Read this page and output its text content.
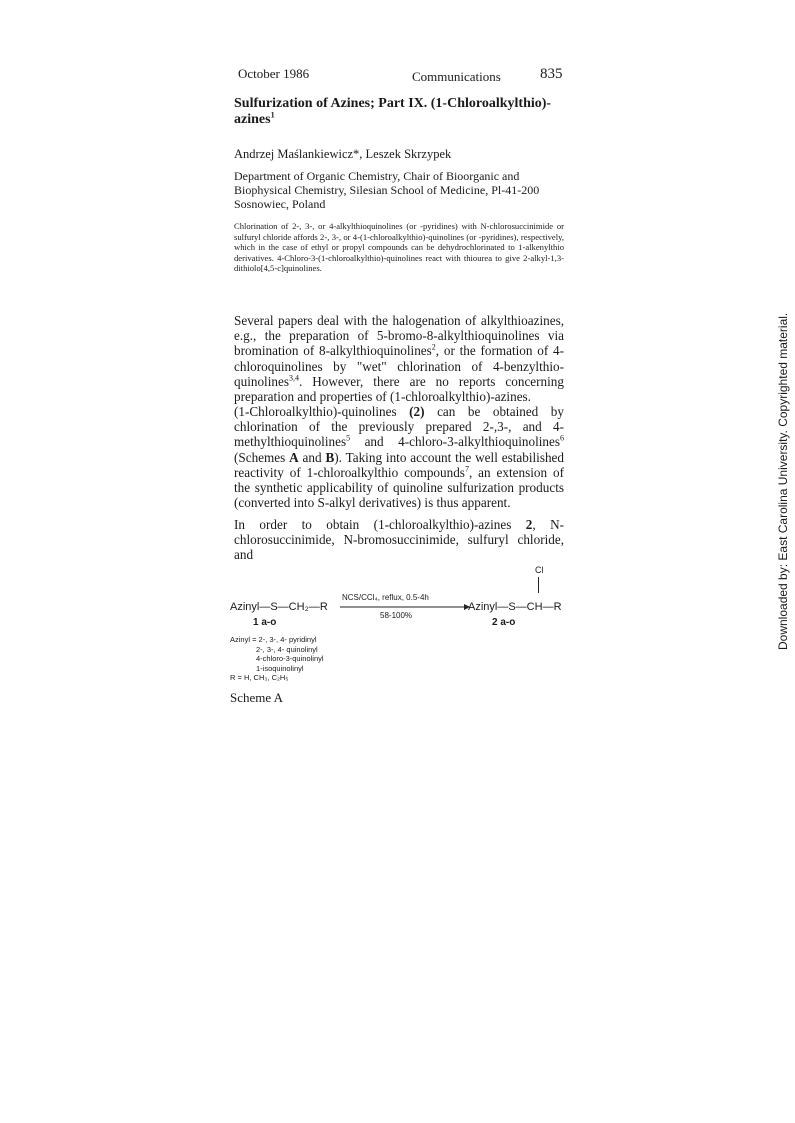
October 1986	Communications	835
Sulfurization of Azines; Part IX. (1-Chloroalkylthio)-azines$^1$
Andrzej Maślankiewicz*, Leszek Skrzypek
Department of Organic Chemistry, Chair of Bioorganic and Biophysical Chemistry, Silesian School of Medicine, Pl-41-200 Sosnowiec, Poland
Chlorination of 2-, 3-, or 4-alkylthioquinolines (or -pyridines) with N-chlorosuccinimide or sulfuryl chloride affords 2-, 3-, or 4-(1-chloroalkylthio)-quinolines (or -pyridines), respectively, which in the case of ethyl or propyl compounds can be dehydrochlorinated to 1-alkenylthio derivatives. 4-Chloro-3-(1-chloroalkylthio)-quinolines react with thiourea to give 2-alkyl-1,3-dithiolo[4,5-c]quinolines.
Several papers deal with the halogenation of alkylthioazines, e.g., the preparation of 5-bromo-8-alkylthioquinolines via bromination of 8-alkylthioquinolines$^2$, or the formation of 4-chloroquinolines by "wet" chlorination of 4-benzylthio-quinolines$^{3,4}$. However, there are no reports concerning preparation and properties of (1-chloroalkylthio)-azines.
(1-Chloroalkylthio)-quinolines (2) can be obtained by chlorination of the previously prepared 2-,3-, and 4-methylthioquinolines$^5$ and 4-chloro-3-alkylthioquinolines$^6$ (Schemes A and B). Taking into account the well estabilished reactivity of 1-chloroalkylthio compounds$^7$, an extension of the synthetic applicability of quinoline sulfurization products (converted into S-alkyl derivatives) is thus apparent.
In order to obtain (1-chloroalkylthio)-azines 2, N-chlorosuccinimide, N-bromosuccinimide, sulfuryl chloride, and
Azinyl—S—CH₂—R
1 a-o
NCS/CCl₄, reflux, 0.5-4h
58-100%
Cl
Azinyl—S—CH—R
2 a-o
Azinyl = 2-, 3-, 4- pyridinyl
2-, 3-, 4- quinolinyl
4-chloro-3-quinolinyl
1-isoquinolinyl
R = H, CH₃, C₂H₅
Scheme A
Downloaded by: East Carolina University. Copyrighted material.
